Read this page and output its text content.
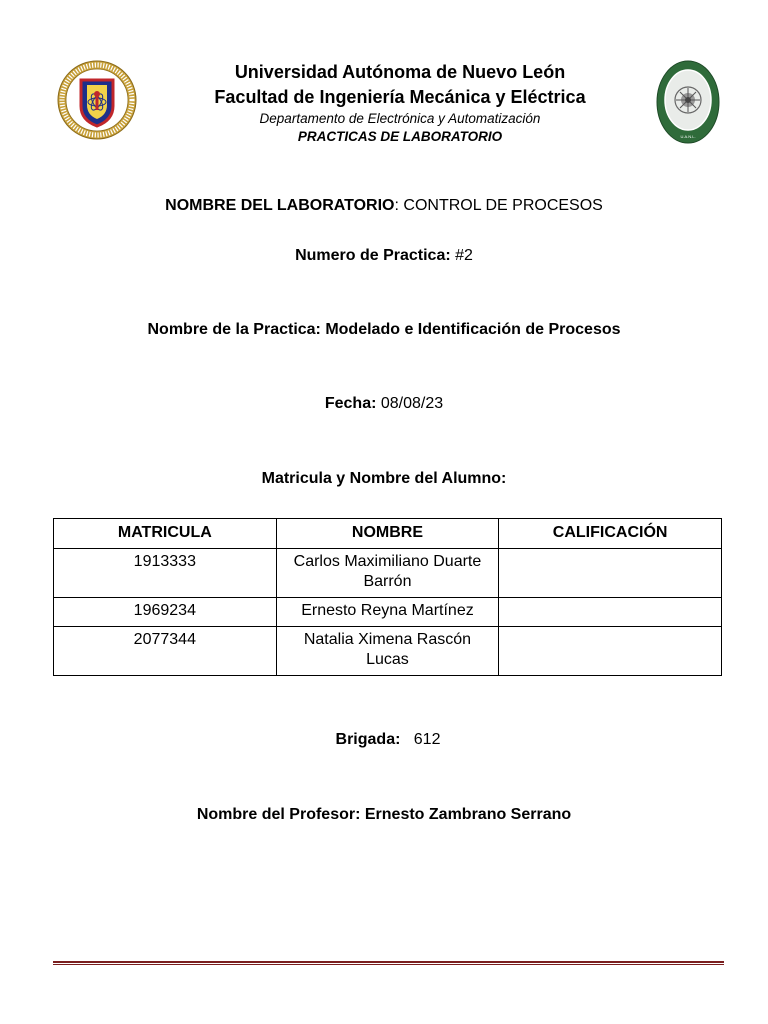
U.A.N.L.
Universidad Autónoma de Nuevo León
Facultad de Ingeniería Mecánica y Eléctrica
Departamento de Electrónica y Automatización
PRACTICAS DE LABORATORIO
NOMBRE DEL LABORATORIO: CONTROL DE PROCESOS
Numero de Practica: #2
Nombre de la Practica: Modelado e Identificación de Procesos
Fecha: 08/08/23
Matricula y Nombre del Alumno:
MATRICULA	NOMBRE	CALIFICACIÓN
1913333	Carlos Maximiliano Duarte Barrón	
1969234	Ernesto Reyna Martínez	
2077344	Natalia Ximena Rascón Lucas	
Brigada: 612
Nombre del Profesor: Ernesto Zambrano Serrano
